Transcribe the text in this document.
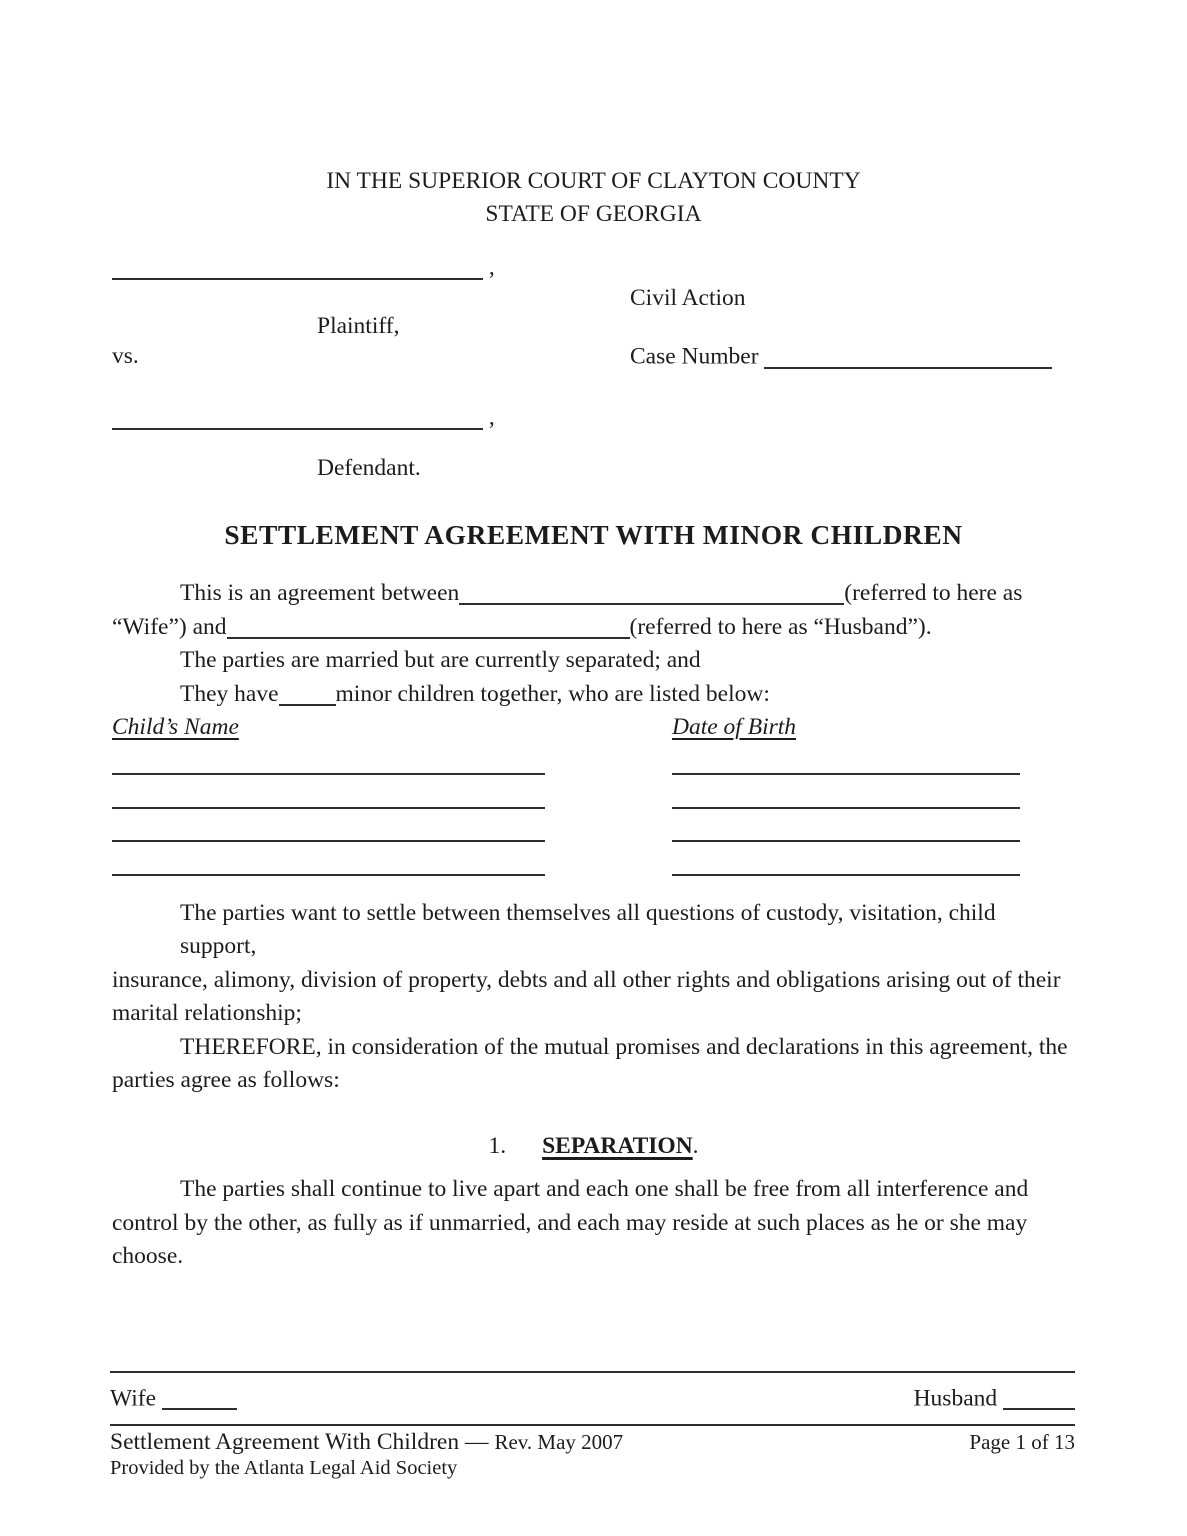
IN THE SUPERIOR COURT OF CLAYTON COUNTY
STATE OF GEORGIA
,
Civil Action
Plaintiff,
vs.	Case Number
,
Defendant.
SETTLEMENT AGREEMENT WITH MINOR CHILDREN
This is an agreement between	(referred to here as
“Wife”) and	(referred to here as “Husband”).
The parties are married but are currently separated; and
They have minor children together, who are listed below:
Child’s Name	Date of Birth
The parties want to settle between themselves all questions of custody, visitation, child support,
insurance, alimony, division of property, debts and all other rights and obligations arising out of their
marital relationship;
THEREFORE, in consideration of the mutual promises and declarations in this agreement, the
parties agree as follows:
1. SEPARATION.
The parties shall continue to live apart and each one shall be free from all interference and
control by the other, as fully as if unmarried, and each may reside at such places as he or she may
choose.
Wife	Husband
Settlement Agreement With Children — Rev. May 2007	Page 1 of 13
Provided by the Atlanta Legal Aid Society
